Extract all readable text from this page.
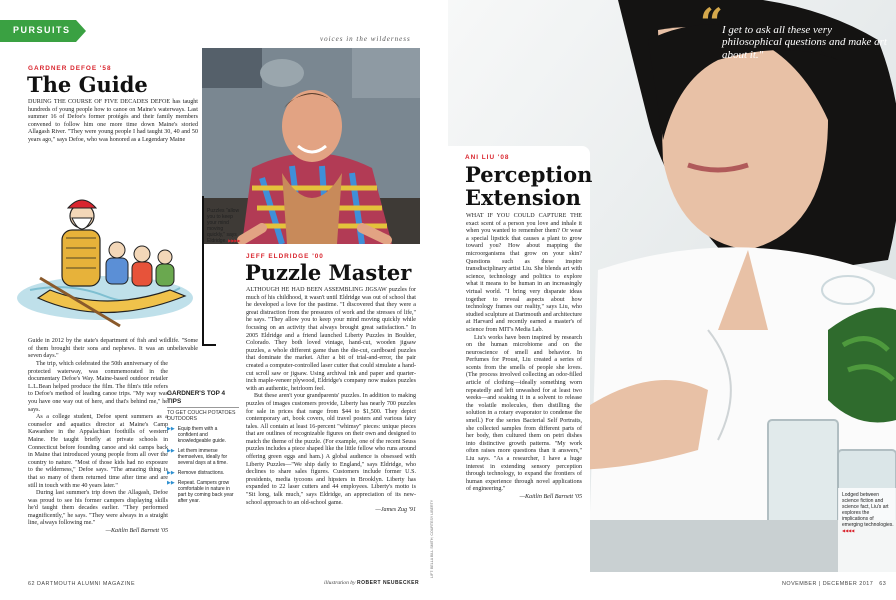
PURSUITS
voices in the wilderness
GARDNER DEFOE '58
The Guide

DURING THE COURSE OF FIVE DECADES DEFOE has taught hundreds of young people how to canoe on Maine's waterways. Last summer 16 of Defoe's former protégés and their family members convened to follow him one more time down Maine's storied Allagash River. "They were young people I had taught 30, 40 and 50 years ago," says Defoe, who was honored as a Legendary Maine

Guide in 2012 by the state's department of fish and wildlife. "Some of them brought their sons and nephews. It was an unbelievable seven days."

The trip, which celebrated the 50th anniversary of the protected waterway, was commemorated in the documentary Defoe's Way. Maine-based outdoor retailer L.L.Bean helped produce the film. The film's title refers to Defoe's method of leading canoe trips. "My way was you have one way out of here, and that's behind me," he says.

As a college student, Defoe spent summers as a counselor and aquatics director at Maine's Camp Kawanhee in the Appalachian foothills of western Maine. He taught briefly at private schools in Connecticut before founding canoe and ski camps back in Maine that introduced young people from all over the country to nature. "Most of those kids had no exposure to the wilderness," Defoe says. "The amazing thing is that so many of them returned time after time and are still in touch with me 40 years later."

During last summer's trip down the Allagash, Defoe was proud to see his former campers displaying skills he'd taught them decades earlier. "They performed magnificently," he says. "They were always in a straight line, always following me."

—Kaitlin Bell Barnett '05
GARDNER'S TOP 4 TIPS
TO GET COUCH POTATOES OUTDOORS
▶▶ Equip them with a confident and knowledgeable guide.
▶▶ Let them immerse themselves, ideally for several days at a time.
▶▶ Remove distractions.
▶▶ Repeat. Campers grow comfortable in nature in part by coming back year after year.
Puzzles "allow you to keep your mind moving quickly," says Eldridge. ▶▶▶▶
JEFF ELDRIDGE '00
Puzzle Master

ALTHOUGH HE HAD BEEN ASSEMBLING JIGSAW puzzles for much of his childhood, it wasn't until Eldridge was out of school that he developed a love for the pastime. "I discovered that they were a great distraction from the pressures of work and the stresses of life," he says. "They allow you to keep your mind moving quickly while focusing on an activity that always brought great satisfaction." In 2005 Eldridge and a friend launched Liberty Puzzles in Boulder, Colorado. They both loved vintage, hand-cut, wooden jigsaw puzzles, a whole different game than the die-cut, cardboard puzzles that dominate the market. After a bit of trial-and-error, the pair created a computer-controlled laser cutter that could simulate a hand-cut scroll saw or jigsaw. Using archival ink and paper and quarter-inch maple-veneer plywood, Eldridge's company now makes puzzles with an authentic, heirloom feel.

But these aren't your grandparents' puzzles. In addition to making puzzles of images customers provide, Liberty has nearly 700 puzzles for sale in prices that range from $44 to $1,500. They depict contemporary art, book covers, old travel posters and various fairy tales. All contain at least 16-percent "whimsy" pieces: unique pieces that are outlines of recognizable figures on their own and designed to match the theme of the puzzle. (For example, one of the recent Seuss puzzles includes a piece shaped like the little fellow who runs around offering green eggs and ham.) A global audience is obsessed with Liberty Puzzles—"We ship daily to England," says Eldridge, who declines to share sales figures. Customers include former U.S. presidents, media tycoons and hipsters in Brooklyn. Liberty has expanded to 22 laser cutters and 44 employees. Liberty's motto is "Sit long, talk much," says Eldridge, an appreciation of its new-school approach to an old-school game.

—James Zug '91	LIFT: BELLA BILL SMITH; COURTESY LIBERTY
62 DARTMOUTH ALUMNI MAGAZINE	illustration by ROBERT NEUBECKER
“
I get to ask all these very philosophical questions and make art about it."
ANI LIU '08
Perception
Extension

WHAT IF YOU COULD CAPTURE THE exact scent of a person you love and inhale it when you wanted to remember them? Or wear a special lipstick that causes a plant to grow toward you? How about mapping the microorganisms that grow on your skin? Questions such as these inspire transdisciplinary artist Liu. She blends art with science, technology and politics to explore what it means to be human in an increasingly virtual world. "I bring very disparate ideas together to reveal aspects about how technology frames our reality," says Liu, who studied sculpture at Dartmouth and architecture at Harvard and recently earned a master's of science from MIT's Media Lab.

Liu's works have been inspired by research on the human microbiome and on the neuroscience of smell and behavior. In Perfumes for Proust, Liu created a series of scents from the smells of people she loves. (The process involved collecting an odor-filled article of clothing—ideally something worn repeatedly and left unwashed for at least two weeks—and soaking it in a solvent to release the volatile molecules, then distilling the solution in a rotary evaporator to condense the smell.) For the series Bacterial Self Portraits, she collected samples from different parts of her body, then cultured them on petri dishes into distinctive growth patterns. "My work often raises more questions than it answers," Liu says. "As a researcher, I have a huge interest in extending sensory perception through technology, to expand the frontiers of human experience through novel applications of engineering."

—Kaitlin Bell Barnett '05	Lodged between science fiction and science fact, Liu's art explores the implications of emerging technologies.
◀◀◀◀
NOVEMBER | DECEMBER 2017   63
